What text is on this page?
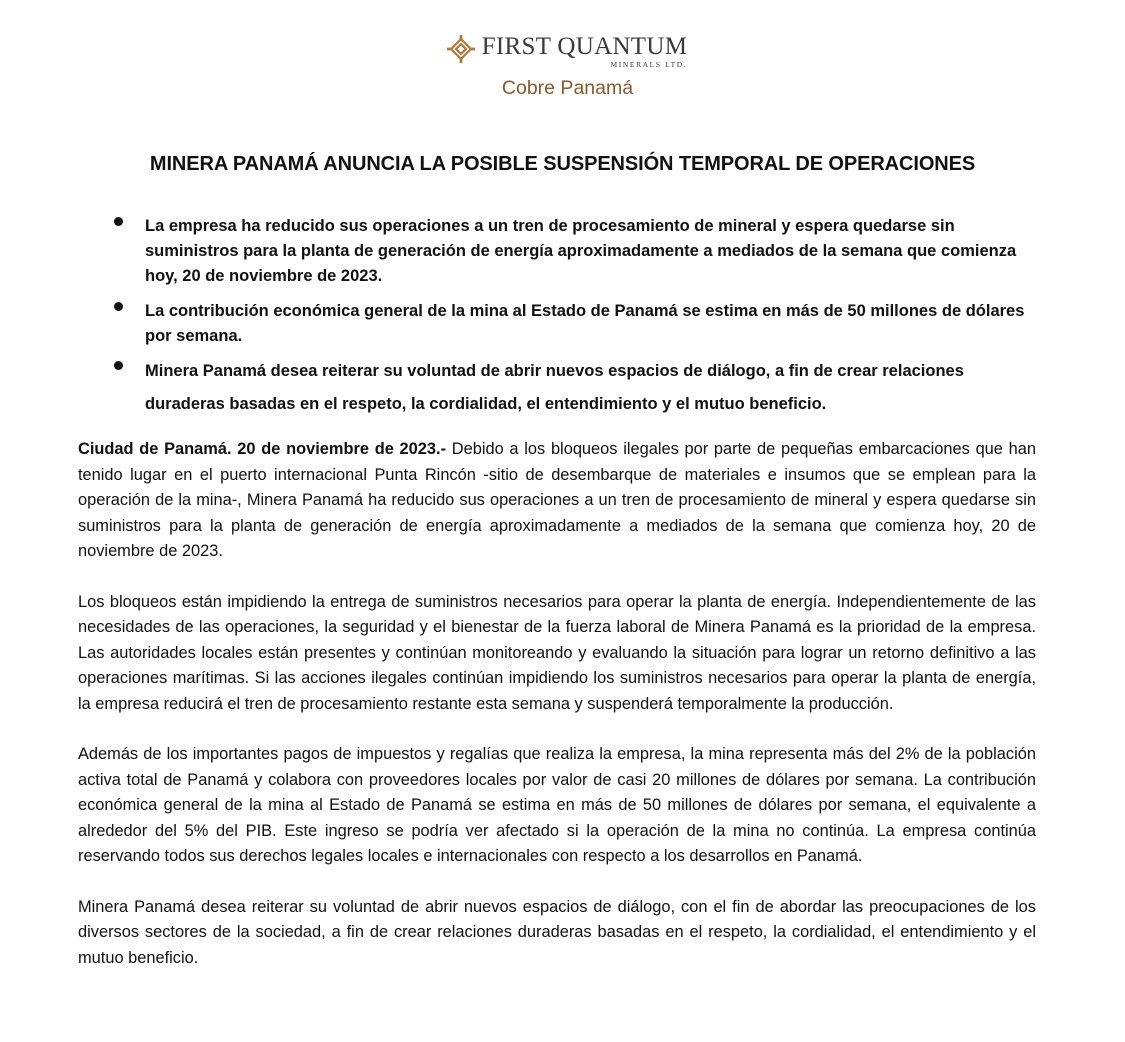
FIRST QUANTUM
MINERALS LTD.
Cobre Panamá
MINERA PANAMÁ ANUNCIA LA POSIBLE SUSPENSIÓN TEMPORAL DE OPERACIONES
La empresa ha reducido sus operaciones a un tren de procesamiento de mineral y espera quedarse sin suministros para la planta de generación de energía aproximadamente a mediados de la semana que comienza hoy, 20 de noviembre de 2023.
La contribución económica general de la mina al Estado de Panamá se estima en más de 50 millones de dólares por semana.
Minera Panamá desea reiterar su voluntad de abrir nuevos espacios de diálogo, a fin de crear relaciones duraderas basadas en el respeto, la cordialidad, el entendimiento y el mutuo beneficio.

Ciudad de Panamá. 20 de noviembre de 2023.- Debido a los bloqueos ilegales por parte de pequeñas embarcaciones que han tenido lugar en el puerto internacional Punta Rincón -sitio de desembarque de materiales e insumos que se emplean para la operación de la mina-, Minera Panamá ha reducido sus operaciones a un tren de procesamiento de mineral y espera quedarse sin suministros para la planta de generación de energía aproximadamente a mediados de la semana que comienza hoy, 20 de noviembre de 2023.

Los bloqueos están impidiendo la entrega de suministros necesarios para operar la planta de energía. Independientemente de las necesidades de las operaciones, la seguridad y el bienestar de la fuerza laboral de Minera Panamá es la prioridad de la empresa. Las autoridades locales están presentes y continúan monitoreando y evaluando la situación para lograr un retorno definitivo a las operaciones marítimas. Si las acciones ilegales continúan impidiendo los suministros necesarios para operar la planta de energía, la empresa reducirá el tren de procesamiento restante esta semana y suspenderá temporalmente la producción.

Además de los importantes pagos de impuestos y regalías que realiza la empresa, la mina representa más del 2% de la población activa total de Panamá y colabora con proveedores locales por valor de casi 20 millones de dólares por semana. La contribución económica general de la mina al Estado de Panamá se estima en más de 50 millones de dólares por semana, el equivalente a alrededor del 5% del PIB. Este ingreso se podría ver afectado si la operación de la mina no continúa. La empresa continúa reservando todos sus derechos legales locales e internacionales con respecto a los desarrollos en Panamá.

Minera Panamá desea reiterar su voluntad de abrir nuevos espacios de diálogo, con el fin de abordar las preocupaciones de los diversos sectores de la sociedad, a fin de crear relaciones duraderas basadas en el respeto, la cordialidad, el entendimiento y el mutuo beneficio.
